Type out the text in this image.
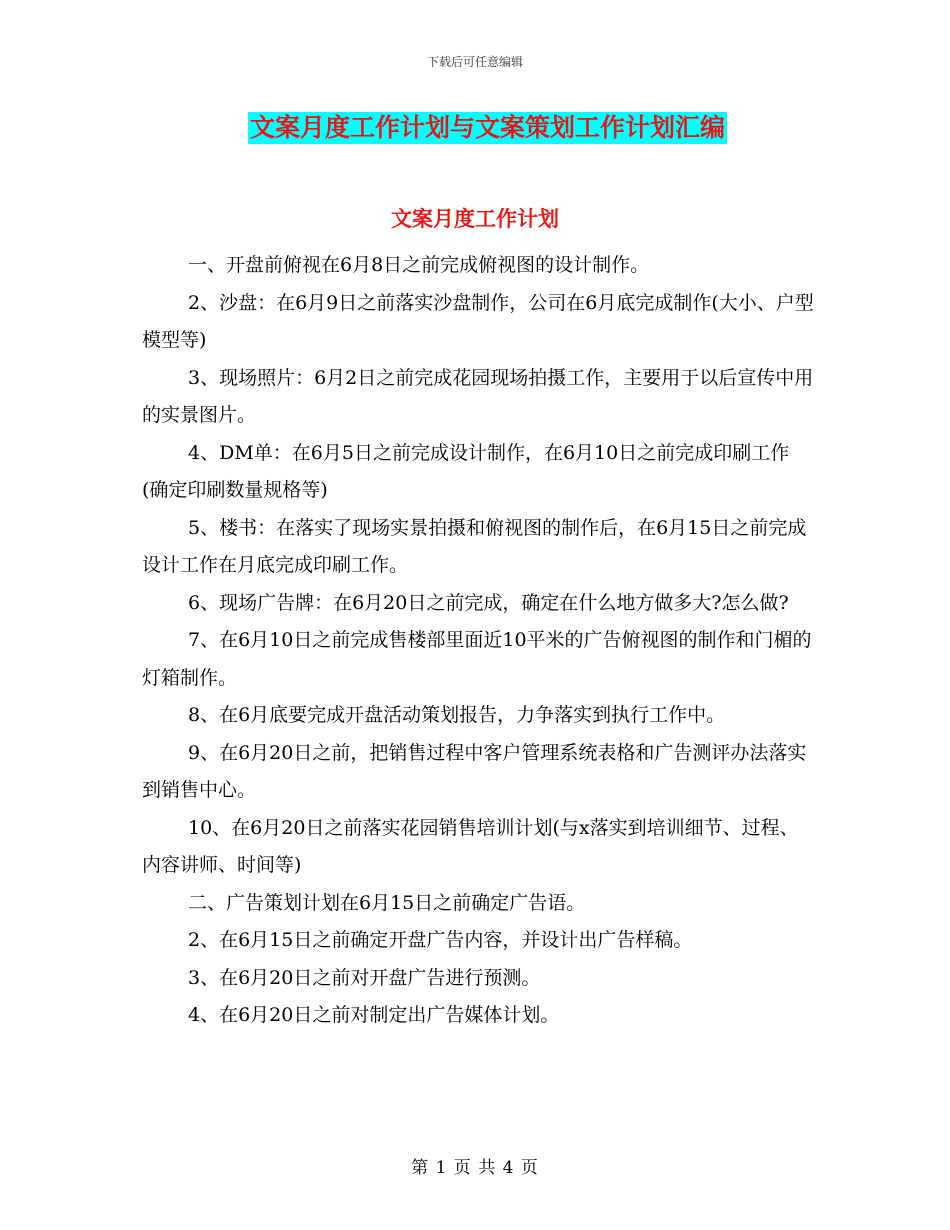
下载后可任意编辑
文案月度工作计划与文案策划工作计划汇编
文案月度工作计划

一、开盘前俯视在6月8日之前完成俯视图的设计制作。

2、沙盘：在6月9日之前落实沙盘制作，公司在6月底完成制作(大小、户型模型等)

3、现场照片：6月2日之前完成花园现场拍摄工作，主要用于以后宣传中用的实景图片。

4、DM单：在6月5日之前完成设计制作，在6月10日之前完成印刷工作(确定印刷数量规格等)

5、楼书：在落实了现场实景拍摄和俯视图的制作后，在6月15日之前完成设计工作在月底完成印刷工作。

6、现场广告牌：在6月20日之前完成，确定在什么地方做多大?怎么做?

7、在6月10日之前完成售楼部里面近10平米的广告俯视图的制作和门楣的灯箱制作。

8、在6月底要完成开盘活动策划报告，力争落实到执行工作中。

9、在6月20日之前，把销售过程中客户管理系统表格和广告测评办法落实到销售中心。

10、在6月20日之前落实花园销售培训计划(与x落实到培训细节、过程、内容讲师、时间等)

二、广告策划计划在6月15日之前确定广告语。

2、在6月15日之前确定开盘广告内容，并设计出广告样稿。

3、在6月20日之前对开盘广告进行预测。

4、在6月20日之前对制定出广告媒体计划。

第 1 页 共 4 页
